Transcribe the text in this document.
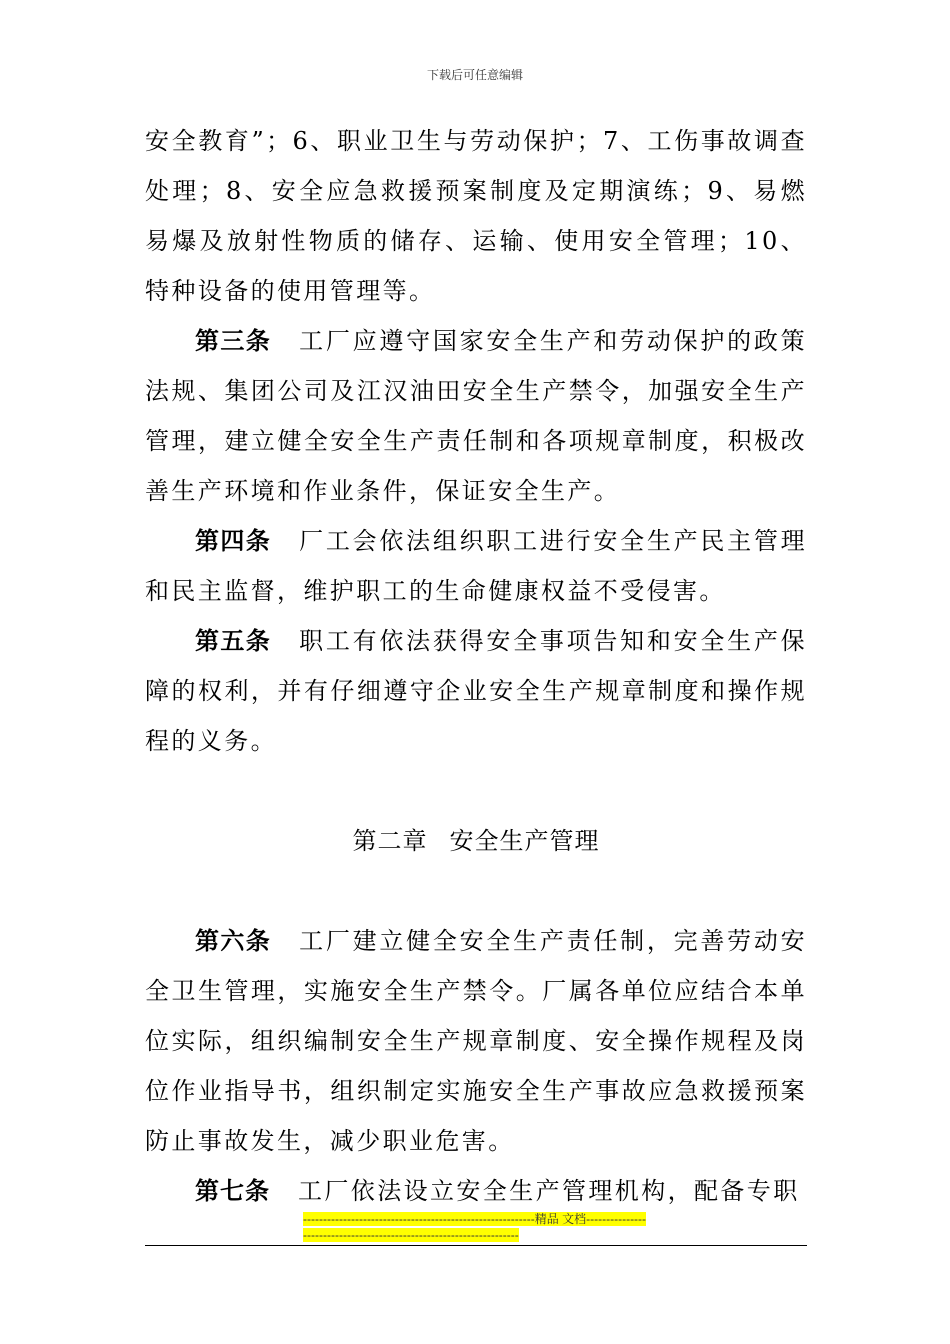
下载后可任意编辑

安全教育”；6、职业卫生与劳动保护；7、工伤事故调查处理；8、安全应急救援预案制度及定期演练；9、易燃易爆及放射性物质的储存、运输、使用安全管理；10、特种设备的使用管理等。

第三条 工厂应遵守国家安全生产和劳动保护的政策法规、集团公司及江汉油田安全生产禁令，加强安全生产管理，建立健全安全生产责任制和各项规章制度，积极改善生产环境和作业条件，保证安全生产。

第四条 厂工会依法组织职工进行安全生产民主管理和民主监督，维护职工的生命健康权益不受侵害。

第五条 职工有依法获得安全事项告知和安全生产保障的权利，并有仔细遵守企业安全生产规章制度和操作规程的义务。

第二章 安全生产管理

第六条 工厂建立健全安全生产责任制，完善劳动安全卫生管理，实施安全生产禁令。厂属各单位应结合本单位实际，组织编制安全生产规章制度、安全操作规程及岗位作业指导书，组织制定实施安全生产事故应急救援预案防止事故发生，减少职业危害。

第七条 工厂依法设立安全生产管理机构，配备专职

----------------------------------------------------------精品 文档---------------------------------------------------------------------
